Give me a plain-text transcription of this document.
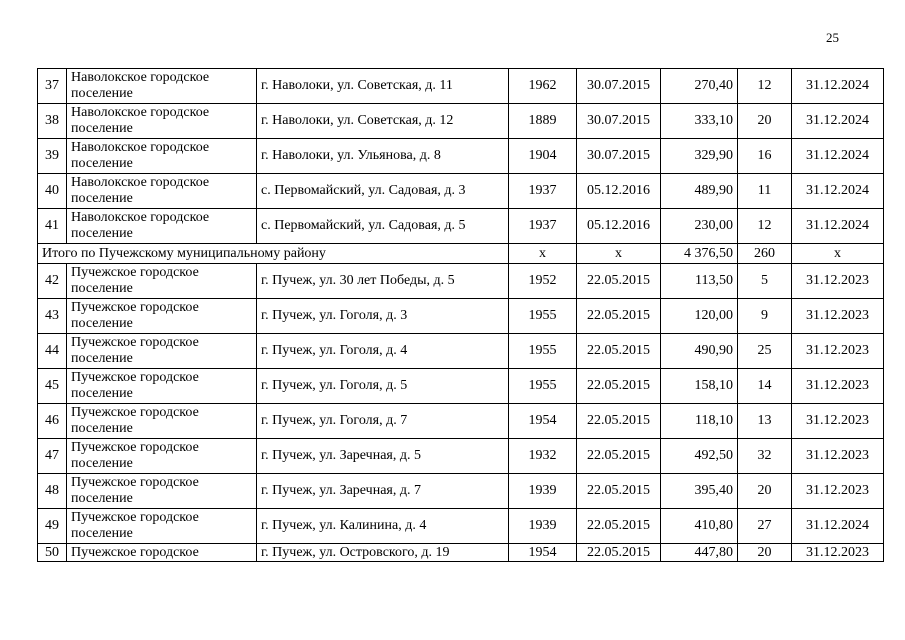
25
37	Наволокское городское поселение	г. Наволоки, ул. Советская, д. 11	1962	30.07.2015	270,40	12	31.12.2024
38	Наволокское городское поселение	г. Наволоки, ул. Советская, д. 12	1889	30.07.2015	333,10	20	31.12.2024
39	Наволокское городское поселение	г. Наволоки, ул. Ульянова, д. 8	1904	30.07.2015	329,90	16	31.12.2024
40	Наволокское городское поселение	с. Первомайский, ул. Садовая, д. 3	1937	05.12.2016	489,90	11	31.12.2024
41	Наволокское городское поселение	с. Первомайский, ул. Садовая, д. 5	1937	05.12.2016	230,00	12	31.12.2024
Итого по Пучежскому муниципальному району			х	х	4 376,50	260	х
42	Пучежское городское поселение	г. Пучеж, ул. 30 лет Победы, д. 5	1952	22.05.2015	113,50	5	31.12.2023
43	Пучежское городское поселение	г. Пучеж, ул. Гоголя, д. 3	1955	22.05.2015	120,00	9	31.12.2023
44	Пучежское городское поселение	г. Пучеж, ул. Гоголя, д. 4	1955	22.05.2015	490,90	25	31.12.2023
45	Пучежское городское поселение	г. Пучеж, ул. Гоголя, д. 5	1955	22.05.2015	158,10	14	31.12.2023
46	Пучежское городское поселение	г. Пучеж, ул. Гоголя, д. 7	1954	22.05.2015	118,10	13	31.12.2023
47	Пучежское городское поселение	г. Пучеж, ул. Заречная, д. 5	1932	22.05.2015	492,50	32	31.12.2023
48	Пучежское городское поселение	г. Пучеж, ул. Заречная, д. 7	1939	22.05.2015	395,40	20	31.12.2023
49	Пучежское городское поселение	г. Пучеж, ул. Калинина, д. 4	1939	22.05.2015	410,80	27	31.12.2024
50	Пучежское городское	г. Пучеж, ул. Островского, д. 19	1954	22.05.2015	447,80	20	31.12.2023
